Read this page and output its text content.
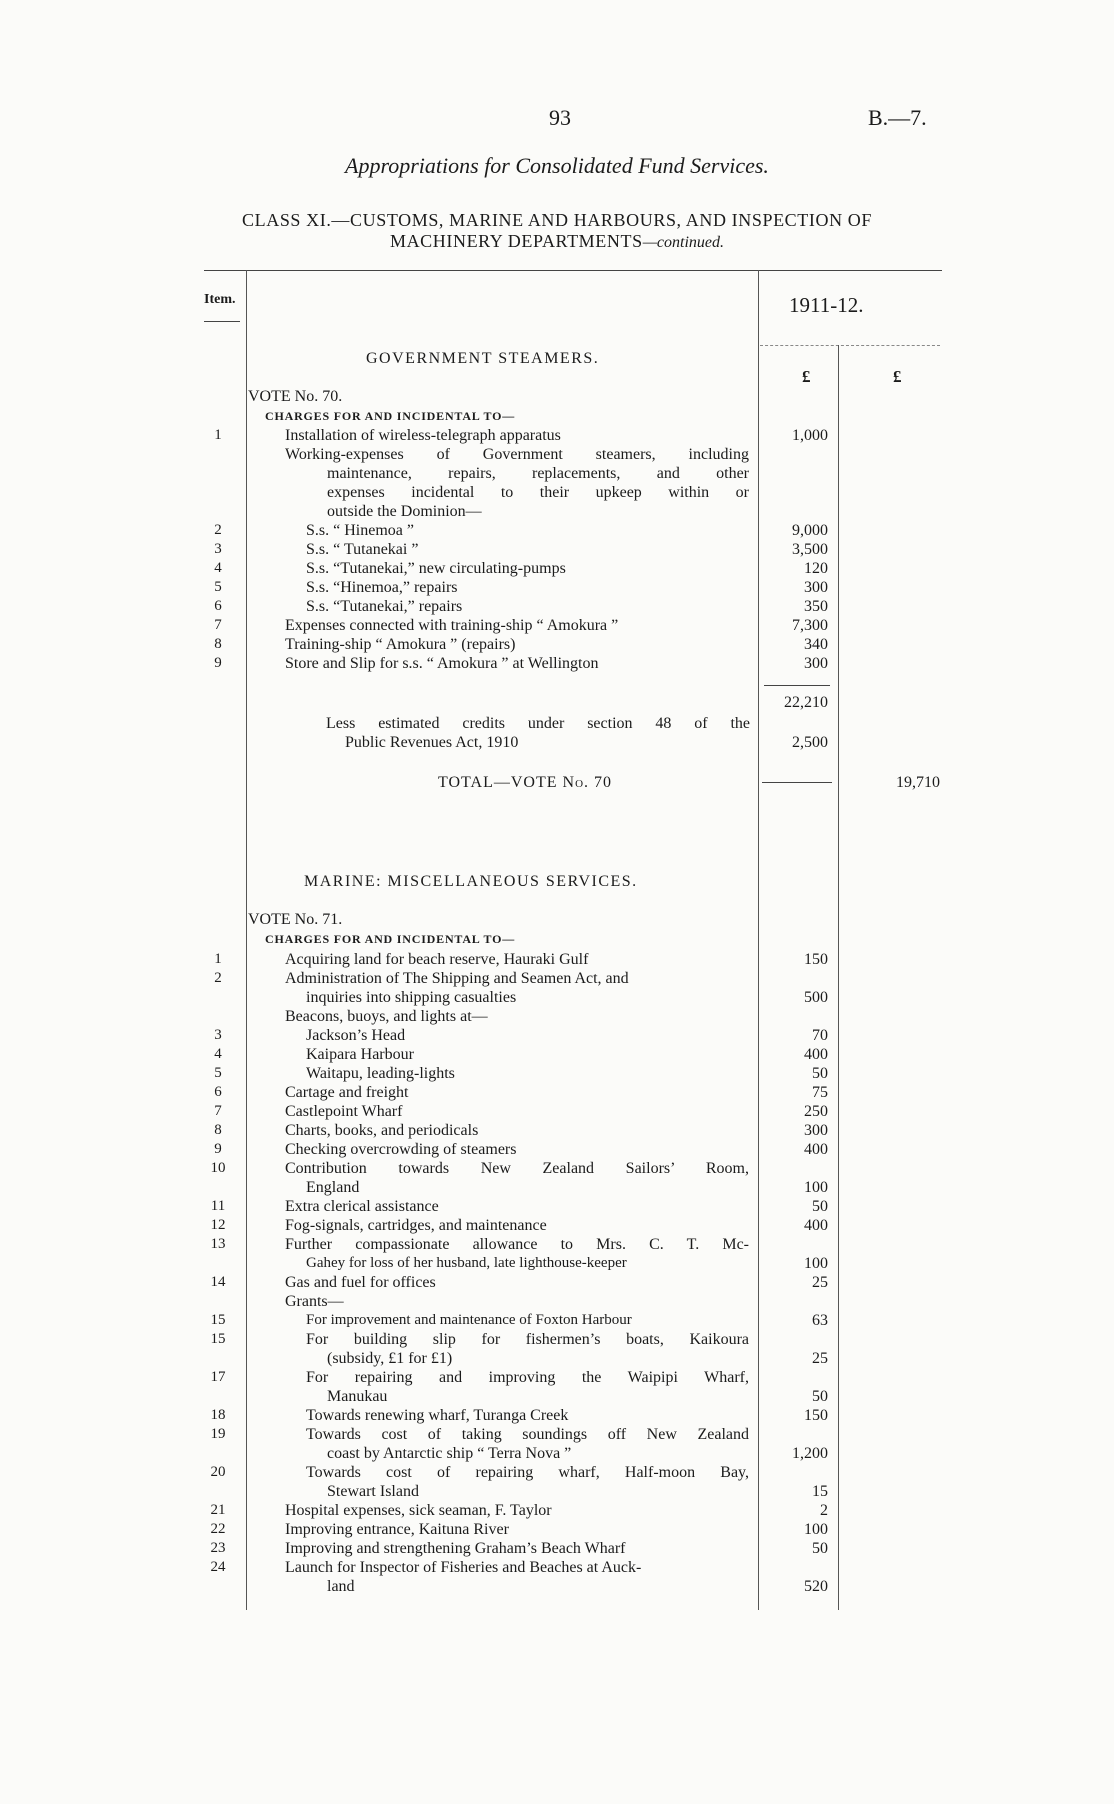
93	B.—7.
Appropriations for Consolidated Fund Services.
CLASS XI.—CUSTOMS, MARINE AND HARBOURS, AND INSPECTION OF
MACHINERY DEPARTMENTS—continued.
Item.	1911-12.
£	£
GOVERNMENT STEAMERS.
VOTE No. 70.
CHARGES FOR AND INCIDENTAL TO—
1	Installation of wireless-telegraph apparatus	1,000
Working-expenses of Government steamers, including
maintenance, repairs, replacements, and other
expenses incidental to their upkeep within or
outside the Dominion—
2	S.s. “ Hinemoa ”	9,000
3	S.s. “ Tutanekai ”	3,500
4	S.s. “Tutanekai,” new circulating-pumps	120
5	S.s. “Hinemoa,” repairs	300
6	S.s. “Tutanekai,” repairs	350
7	Expenses connected with training-ship “ Amokura ”	7,300
8	Training-ship “ Amokura ” (repairs)	340
9	Store and Slip for s.s. “ Amokura ” at Wellington	300
22,210
Less estimated credits under section 48 of the
Public Revenues Act, 1910	2,500
TOTAL—VOTE No. 70	19,710
MARINE: MISCELLANEOUS SERVICES.
VOTE No. 71.
CHARGES FOR AND INCIDENTAL TO—
1	Acquiring land for beach reserve, Hauraki Gulf	150
2	Administration of The Shipping and Seamen Act, and
inquiries into shipping casualties	500
Beacons, buoys, and lights at—
3	Jackson’s Head	70
4	Kaipara Harbour	400
5	Waitapu, leading-lights	50
6	Cartage and freight	75
7	Castlepoint Wharf	250
8	Charts, books, and periodicals	300
9	Checking overcrowding of steamers	400
10	Contribution towards New Zealand Sailors’ Room,
England	100
11	Extra clerical assistance	50
12	Fog-signals, cartridges, and maintenance	400
13	Further compassionate allowance to Mrs. C. T. Mc-
Gahey for loss of her husband, late lighthouse-keeper	100
14	Gas and fuel for offices	25
Grants—
15	For improvement and maintenance of Foxton Harbour	63
15	For building slip for fishermen’s boats, Kaikoura
(subsidy, £1 for £1)	25
17	For repairing and improving the Waipipi Wharf,
Manukau	50
18	Towards renewing wharf, Turanga Creek	150
19	Towards cost of taking soundings off New Zealand
coast by Antarctic ship “ Terra Nova ”	1,200
20	Towards cost of repairing wharf, Half-moon Bay,
Stewart Island	15
21	Hospital expenses, sick seaman, F. Taylor	2
22	Improving entrance, Kaituna River	100
23	Improving and strengthening Graham’s Beach Wharf	50
24	Launch for Inspector of Fisheries and Beaches at Auck-
land	520
